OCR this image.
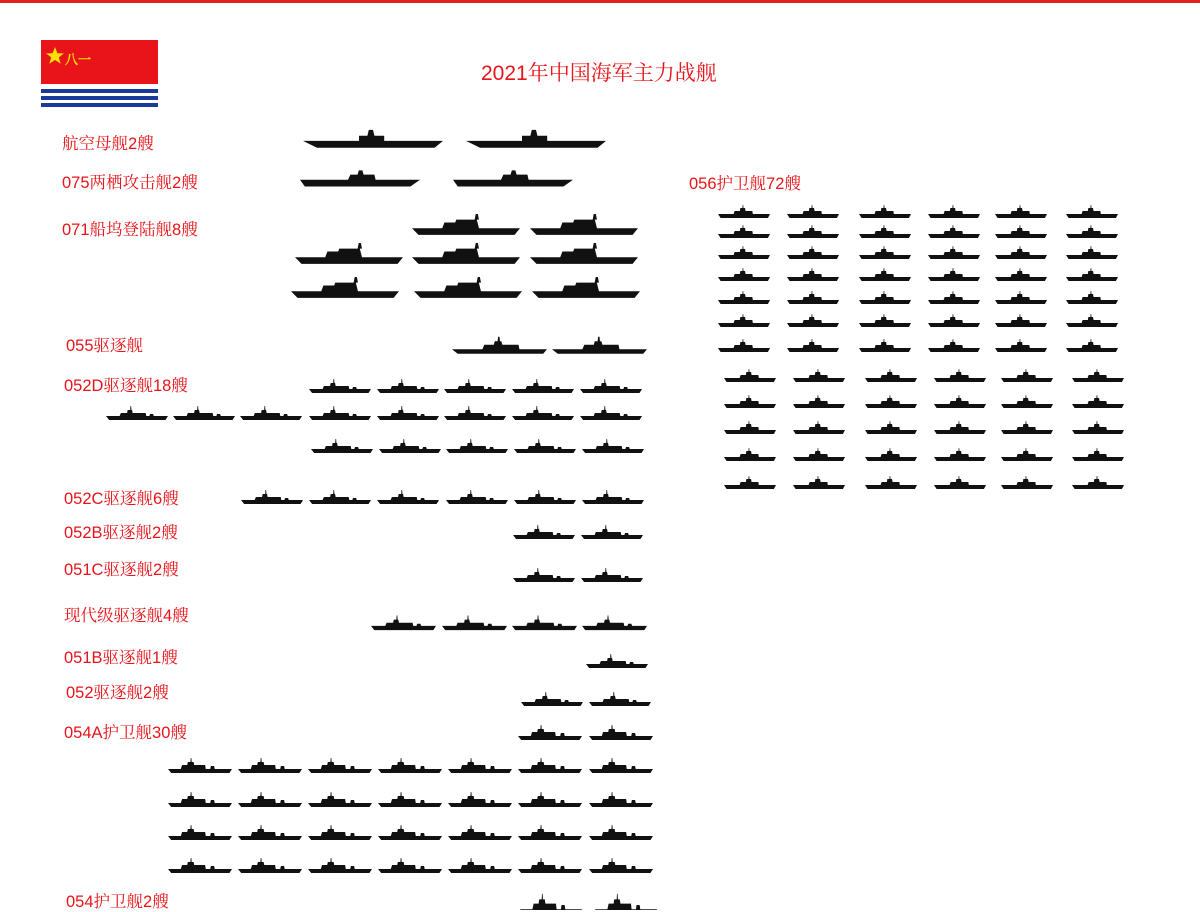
八一
2021年中国海军主力战舰
航空母舰2艘
075两栖攻击舰2艘
071船坞登陆舰8艘
055驱逐舰
052D驱逐舰18艘
052C驱逐舰6艘
052B驱逐舰2艘
051C驱逐舰2艘
现代级驱逐舰4艘
051B驱逐舰1艘
052驱逐舰2艘
054A护卫舰30艘
054护卫舰2艘
056护卫舰72艘
